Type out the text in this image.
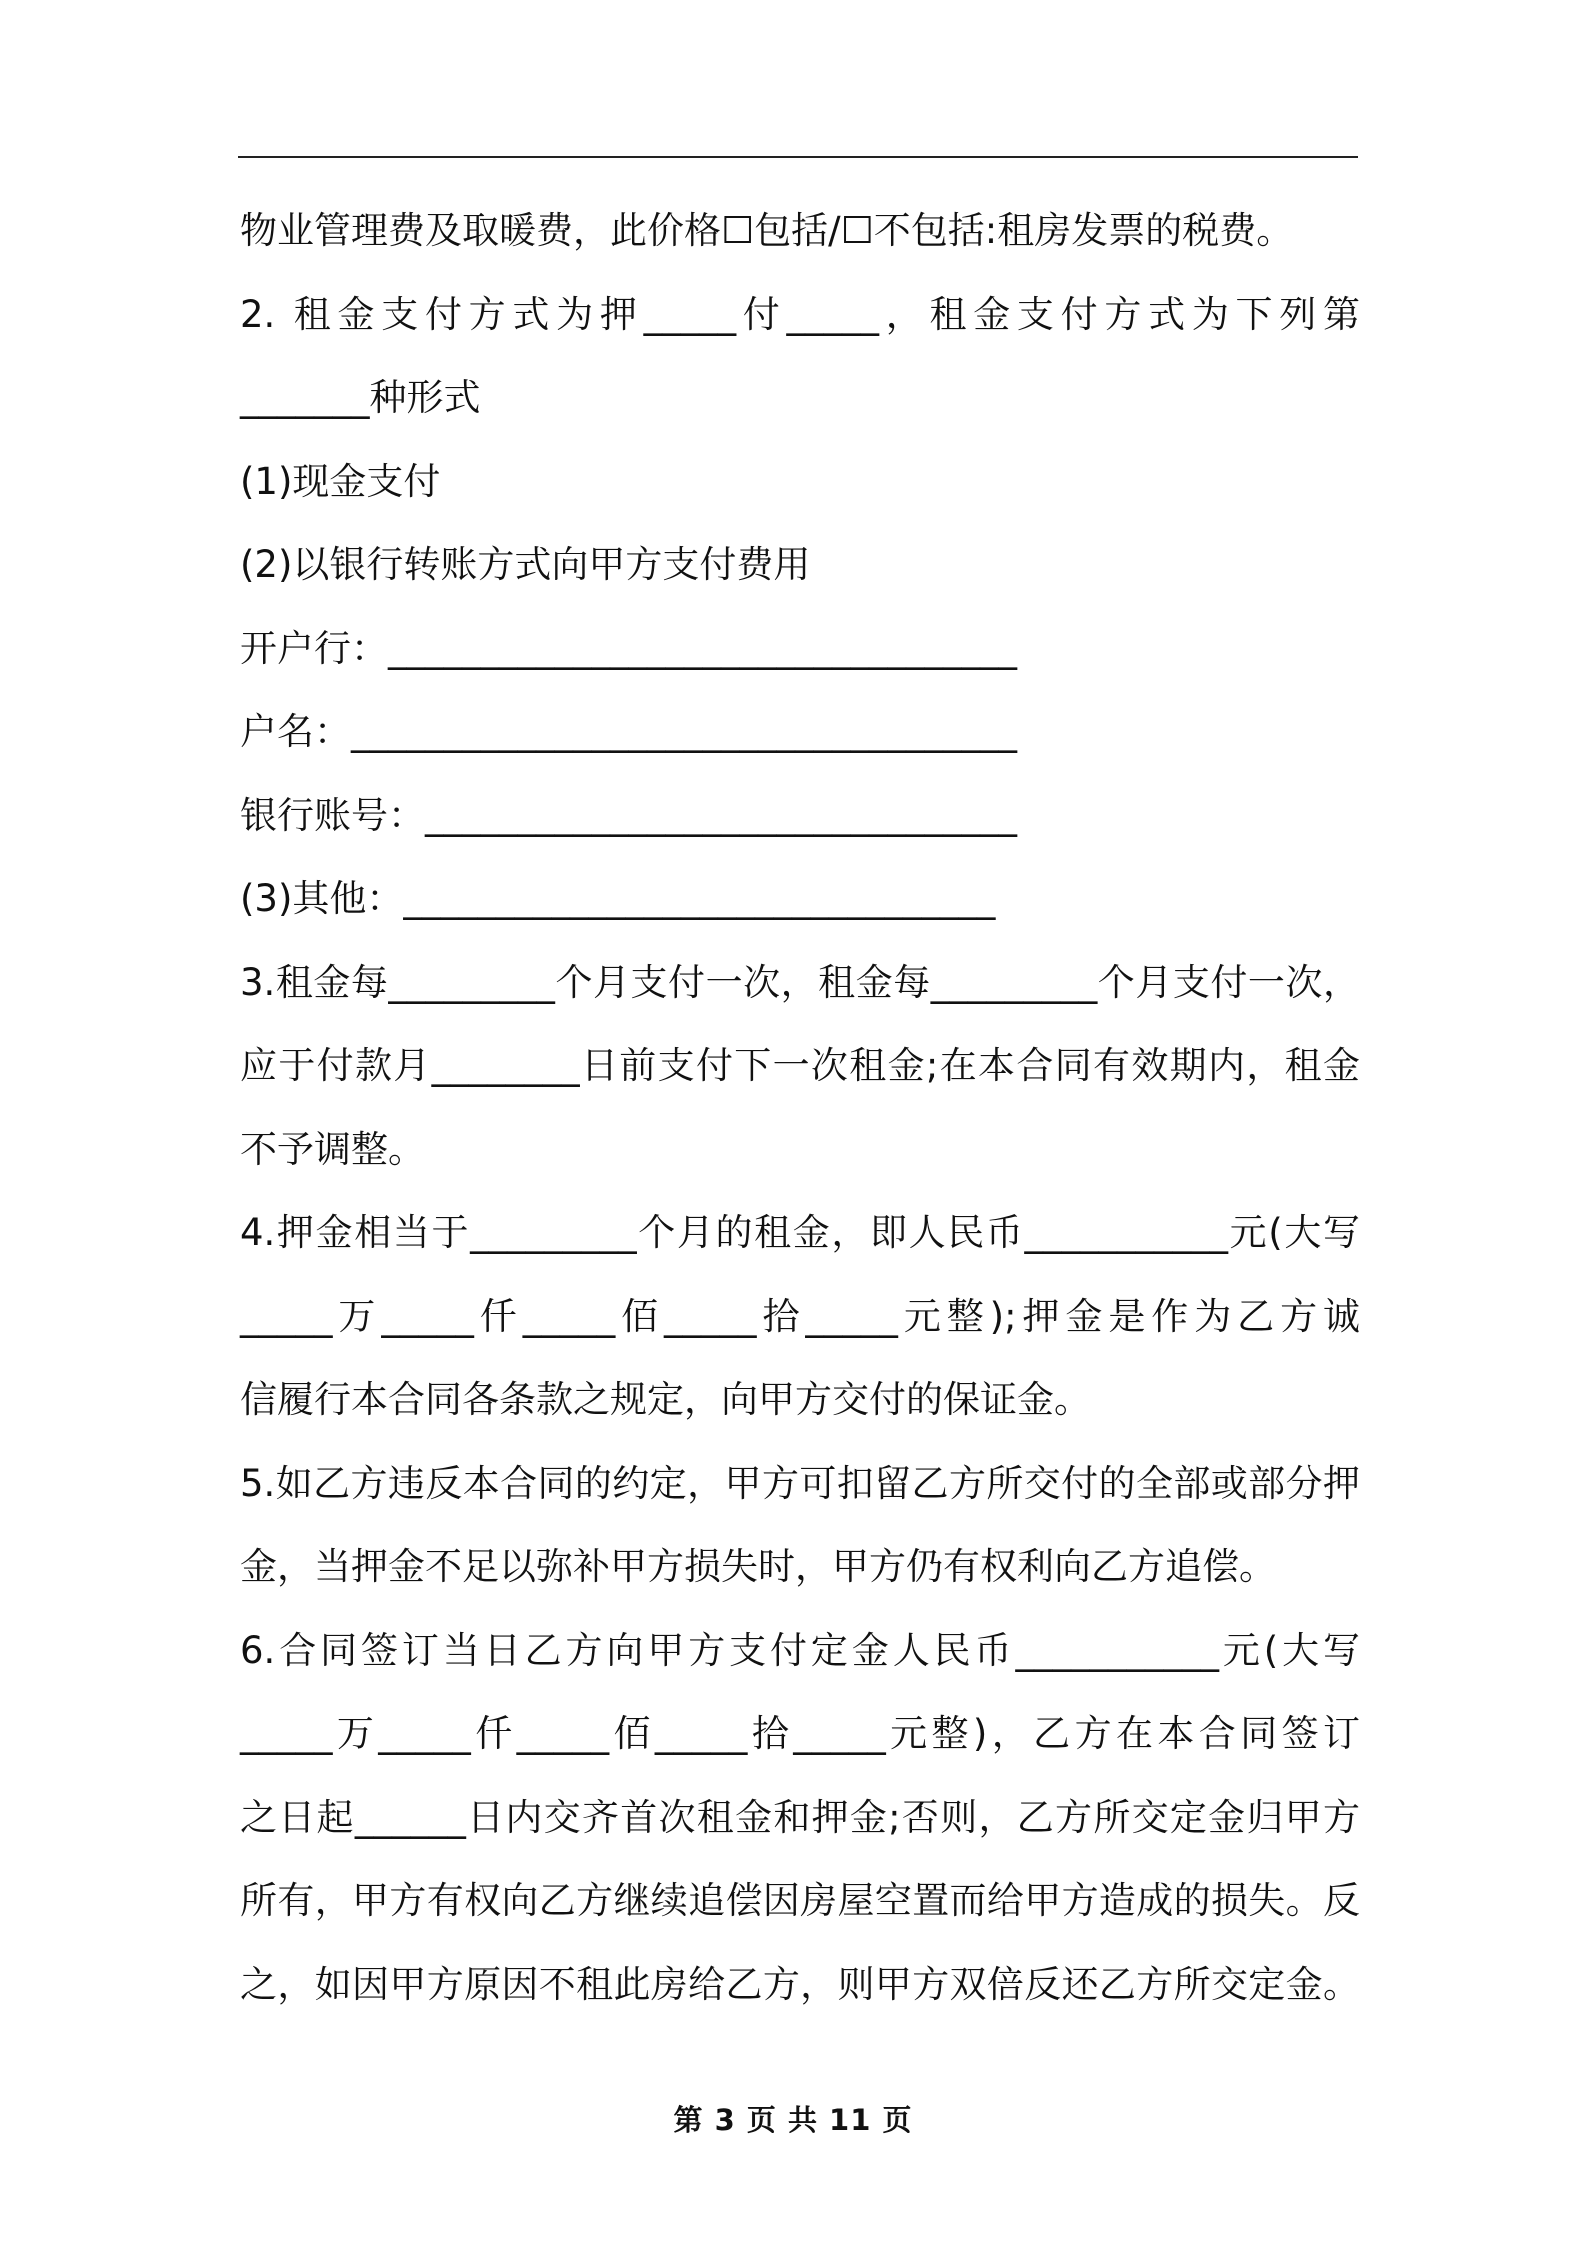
物业管理费及取暖费，此价格☐包括/☐不包括:租房发票的税费。
2. 租金支付方式为押_____付_____，租金支付方式为下列第
_______种形式
(1)现金支付
(2)以银行转账方式向甲方支付费用
开户行：__________________________________
户名：____________________________________
银行账号：________________________________
(3)其他：________________________________
3.租金每_________个月支付一次，租金每_________个月支付一次，
应于付款月________日前支付下一次租金;在本合同有效期内，租金
不予调整。
4.押金相当于_________个月的租金，即人民币___________元(大写
_____万_____仟_____佰_____拾_____元整);押金是作为乙方诚
信履行本合同各条款之规定，向甲方交付的保证金。
5.如乙方违反本合同的约定，甲方可扣留乙方所交付的全部或部分押
金，当押金不足以弥补甲方损失时，甲方仍有权利向乙方追偿。
6.合同签订当日乙方向甲方支付定金人民币___________元(大写
_____万_____仟_____佰_____拾_____元整)，乙方在本合同签订
之日起______日内交齐首次租金和押金;否则，乙方所交定金归甲方
所有，甲方有权向乙方继续追偿因房屋空置而给甲方造成的损失。反
之，如因甲方原因不租此房给乙方，则甲方双倍反还乙方所交定金。
第 3 页 共 11 页
